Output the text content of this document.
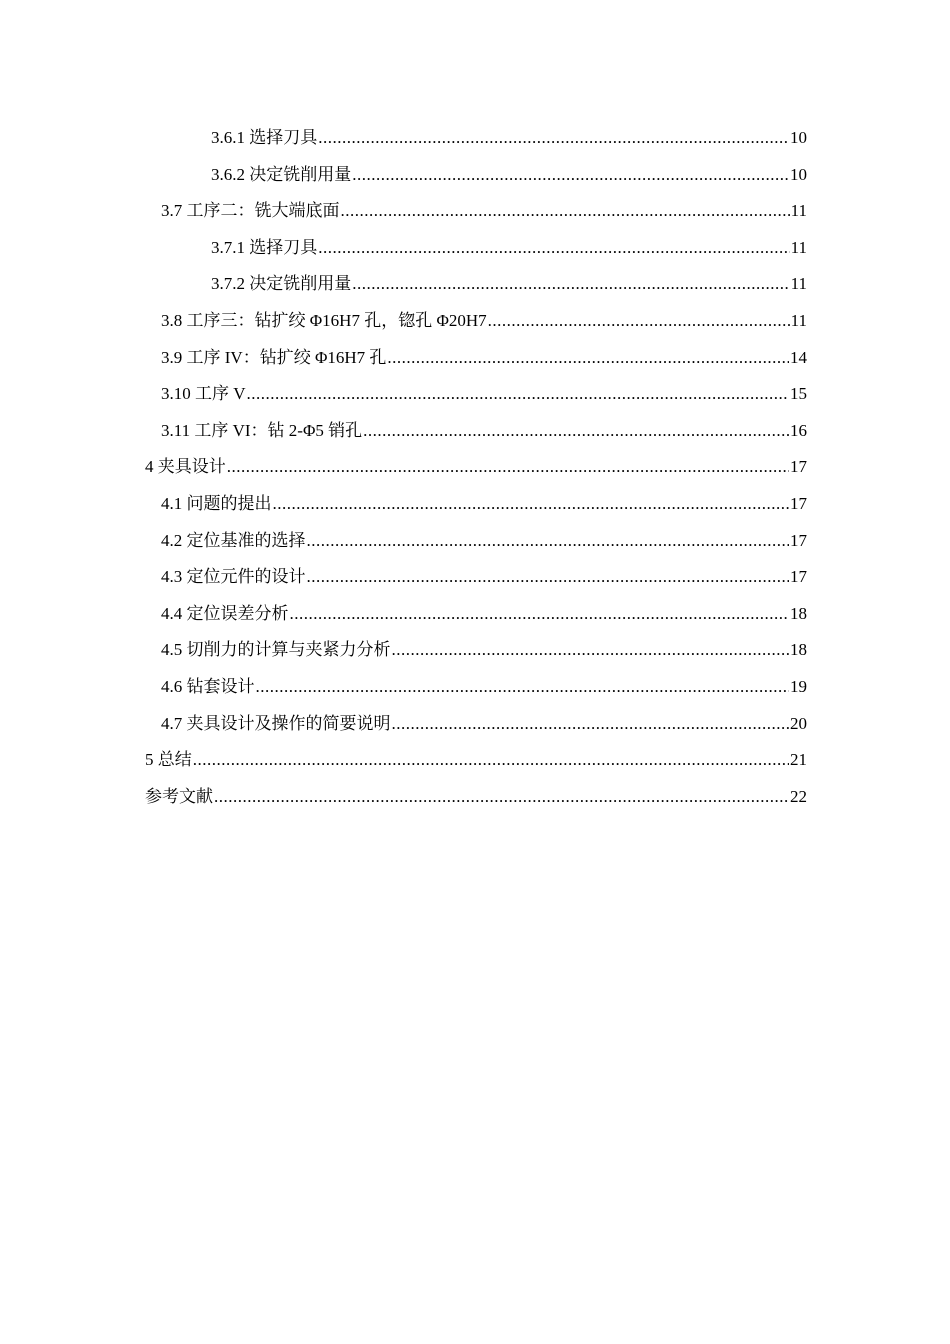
3.6.1 选择刀具 .....	10
3.6.2 决定铣削用量 .....	10
3.7 工序二：铣大端底面 .....	11
3.7.1 选择刀具 .....	11
3.7.2 决定铣削用量 .....	11
3.8 工序三：钻扩绞 Φ16H7 孔，锪孔 Φ20H7 .....	11
3.9 工序 IV：钻扩绞 Φ16H7 孔 .....	14
3.10 工序 V .....	15
3.11 工序 VI：钻 2-Φ5 销孔 .....	16
4 夹具设计 .....	17
4.1 问题的提出 .....	17
4.2 定位基准的选择 .....	17
4.3 定位元件的设计 .....	17
4.4 定位误差分析 .....	18
4.5 切削力的计算与夹紧力分析 .....	18
4.6 钻套设计 .....	19
4.7 夹具设计及操作的简要说明 .....	20
5 总结 .....	21
参考文献 .....	22
